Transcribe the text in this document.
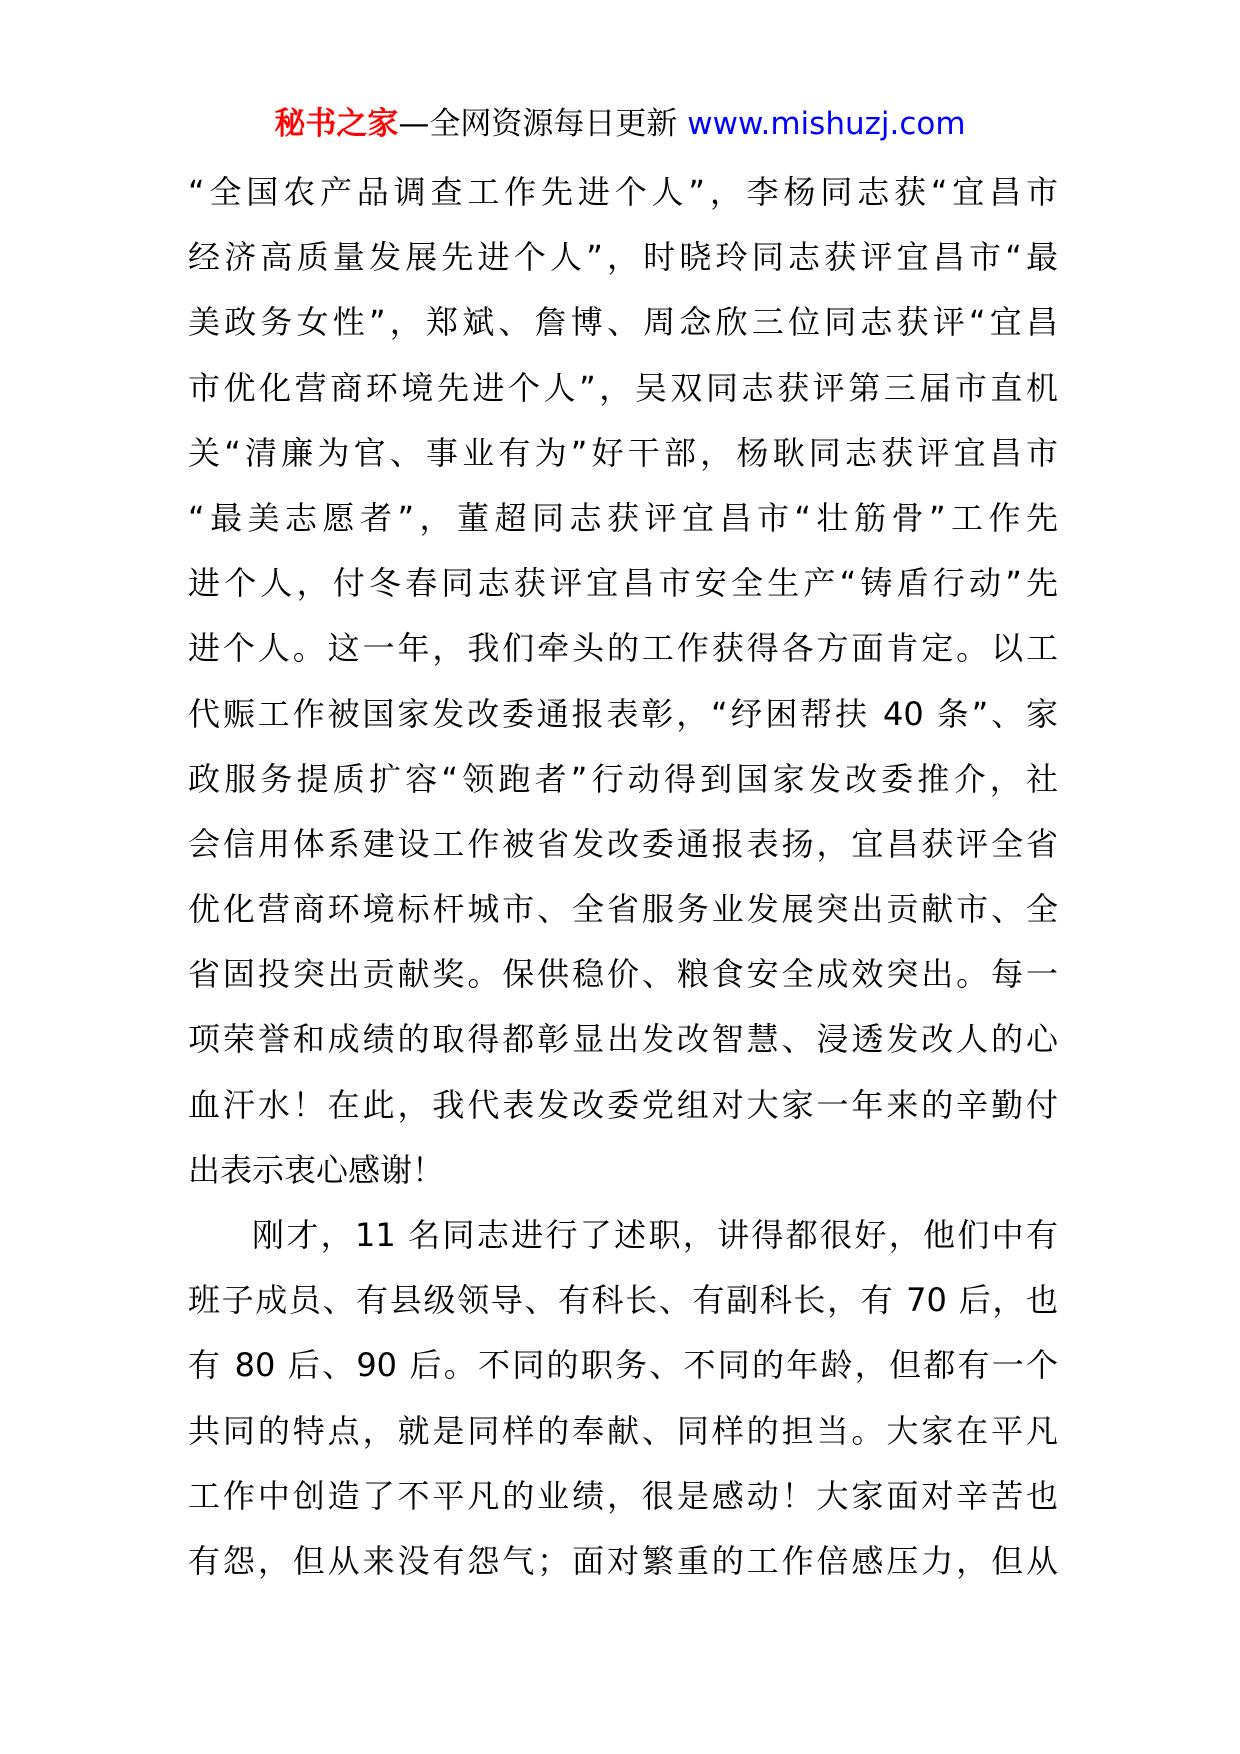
秘书之家—全网资源每日更新 www.mishuzj.com
“全国农产品调查工作先进个人”，李杨同志获“宜昌市
经济高质量发展先进个人”，时晓玲同志获评宜昌市“最
美政务女性”，郑斌、詹博、周念欣三位同志获评“宜昌
市优化营商环境先进个人”，吴双同志获评第三届市直机
关“清廉为官、事业有为”好干部，杨耿同志获评宜昌市
“最美志愿者”，董超同志获评宜昌市“壮筋骨”工作先
进个人，付冬春同志获评宜昌市安全生产“铸盾行动”先
进个人。这一年，我们牵头的工作获得各方面肯定。以工
代赈工作被国家发改委通报表彰，“纾困帮扶 40 条”、家
政服务提质扩容“领跑者”行动得到国家发改委推介，社
会信用体系建设工作被省发改委通报表扬，宜昌获评全省
优化营商环境标杆城市、全省服务业发展突出贡献市、全
省固投突出贡献奖。保供稳价、粮食安全成效突出。每一
项荣誉和成绩的取得都彰显出发改智慧、浸透发改人的心
血汗水！在此，我代表发改委党组对大家一年来的辛勤付
出表示衷心感谢！
刚才，11 名同志进行了述职，讲得都很好，他们中有
班子成员、有县级领导、有科长、有副科长，有 70 后，也
有 80 后、90 后。不同的职务、不同的年龄，但都有一个
共同的特点，就是同样的奉献、同样的担当。大家在平凡
工作中创造了不平凡的业绩，很是感动！大家面对辛苦也
有怨，但从来没有怨气；面对繁重的工作倍感压力，但从
